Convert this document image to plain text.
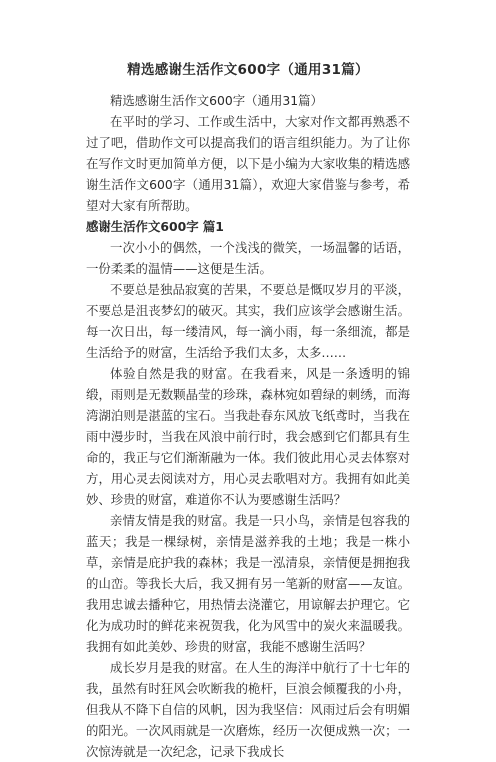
精选感谢生活作文600字（通用31篇）

精选感谢生活作文600字（通用31篇）

在平时的学习、工作或生活中，大家对作文都再熟悉不过了吧，借助作文可以提高我们的语言组织能力。为了让你在写作文时更加简单方便，以下是小编为大家收集的精选感谢生活作文600字（通用31篇），欢迎大家借鉴与参考，希望对大家有所帮助。

感谢生活作文600字 篇1

一次小小的偶然，一个浅浅的微笑，一场温馨的话语，一份柔柔的温情——这便是生活。

不要总是独品寂寞的苦果，不要总是慨叹岁月的平淡，不要总是沮丧梦幻的破灭。其实，我们应该学会感谢生活。每一次日出，每一缕清风，每一滴小雨，每一条细流，都是生活给予的财富，生活给予我们太多，太多……

体验自然是我的财富。在我看来，风是一条透明的锦缎，雨则是无数颗晶莹的珍珠，森林宛如碧绿的刺绣，而海湾湖泊则是湛蓝的宝石。当我赴春东风放飞纸鸢时，当我在雨中漫步时，当我在风浪中前行时，我会感到它们都具有生命的，我正与它们渐渐融为一体。我们彼此用心灵去体察对方，用心灵去阅读对方，用心灵去歌唱对方。我拥有如此美妙、珍贵的财富，难道你不认为要感谢生活吗？

亲情友情是我的财富。我是一只小鸟，亲情是包容我的蓝天；我是一棵绿树，亲情是滋养我的土地；我是一株小草，亲情是庇护我的森林；我是一泓清泉，亲情便是拥抱我的山峦。等我长大后，我又拥有另一笔新的财富——友谊。我用忠诚去播种它，用热情去浇灌它，用谅解去护理它。它化为成功时的鲜花来祝贺我，化为风雪中的炭火来温暖我。我拥有如此美妙、珍贵的财富，我能不感谢生活吗？

成长岁月是我的财富。在人生的海洋中航行了十七年的我，虽然有时狂风会吹断我的桅杆，巨浪会倾覆我的小舟，但我从不降下自信的风帆，因为我坚信：风雨过后会有明媚的阳光。一次风雨就是一次磨炼，经历一次便成熟一次；一次惊涛就是一次纪念，记录下我成长
